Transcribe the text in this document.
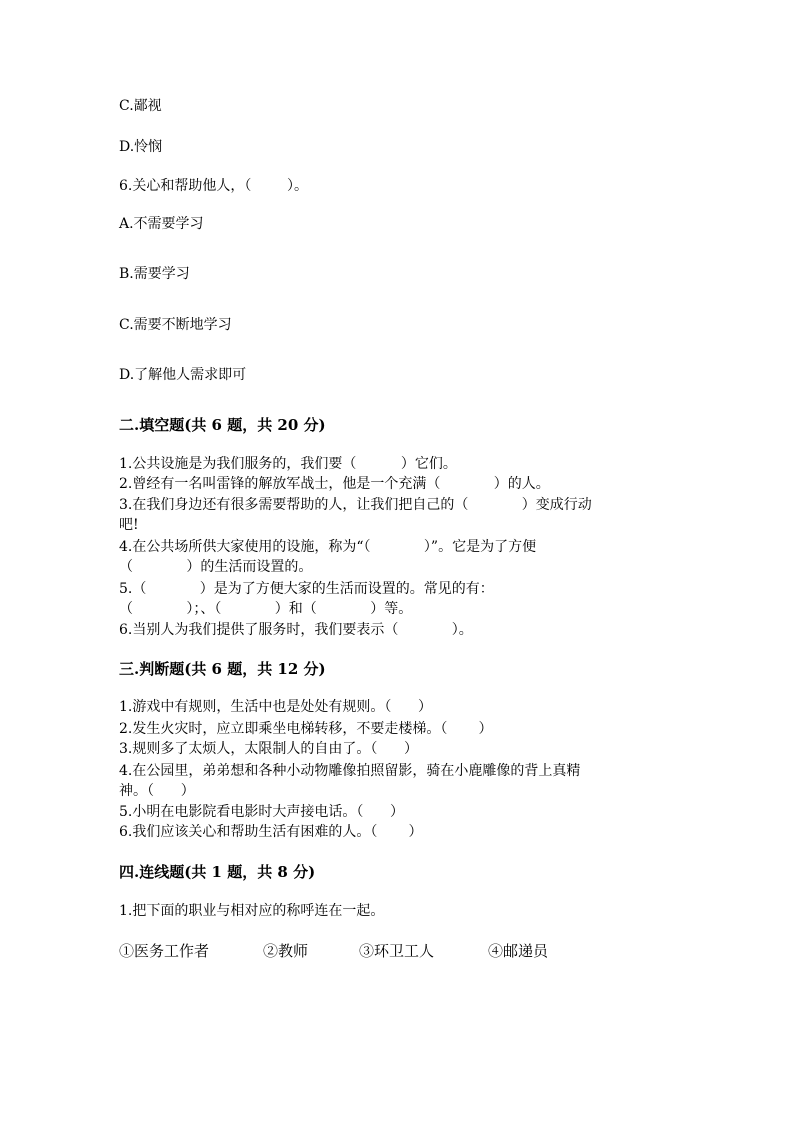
C.鄙视
D.怜悯
6.关心和帮助他人，（        ）。
A.不需要学习
B.需要学习
C.需要不断地学习
D.了解他人需求即可
二.填空题(共 6 题，共 20 分)
1.公共设施是为我们服务的，我们要（          ）它们。
2.曾经有一名叫雷锋的解放军战士，他是一个充满（            ）的人。
3.在我们身边还有很多需要帮助的人，让我们把自己的（            ）变成行动
吧!
4.在公共场所供大家使用的设施，称为“（            ）”。它是为了方便
（            ）的生活而设置的。
5.（            ）是为了方便大家的生活而设置的。常见的有：
（            ）；、（            ）和（            ）等。
6.当别人为我们提供了服务时，我们要表示（            ）。
三.判断题(共 6 题，共 12 分)
1.游戏中有规则，生活中也是处处有规则。（      ）
2.发生火灾时，应立即乘坐电梯转移，不要走楼梯。（       ）
3.规则多了太烦人，太限制人的自由了。（      ）
4.在公园里，弟弟想和各种小动物雕像拍照留影，骑在小鹿雕像的背上真精
神。（      ）
5.小明在电影院看电影时大声接电话。（      ）
6.我们应该关心和帮助生活有困难的人。（       ）
四.连线题(共 1 题，共 8 分)
1.把下面的职业与相对应的称呼连在一起。
①医务工作者	②教师	③环卫工人	④邮递员
